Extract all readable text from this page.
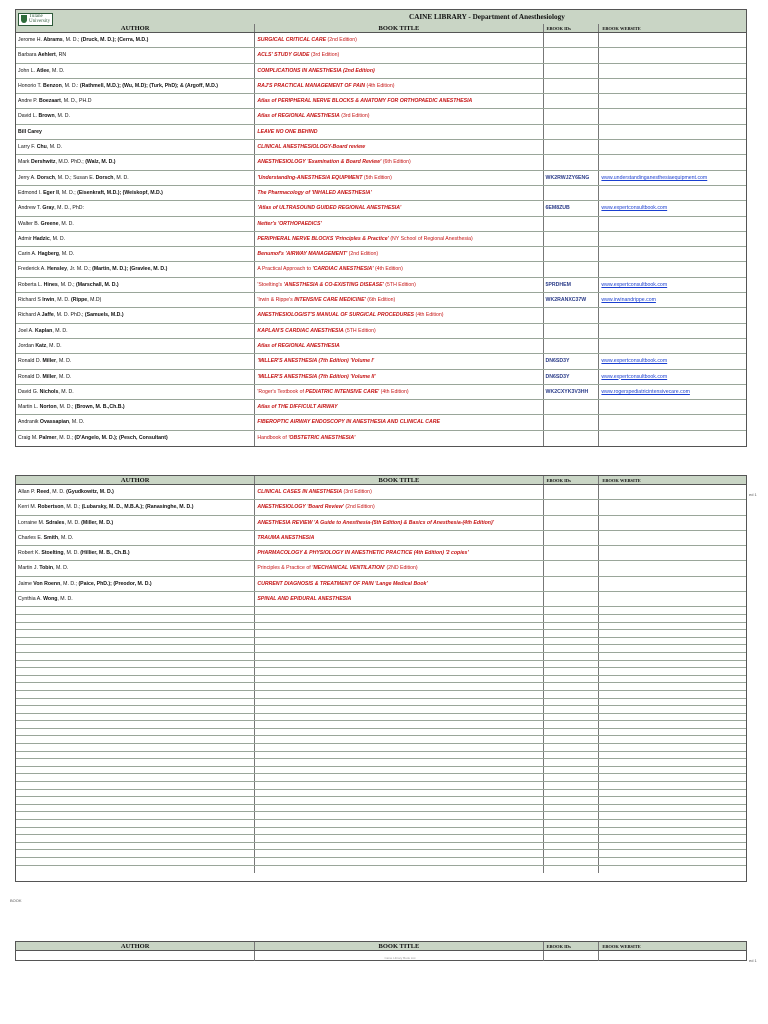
Tulane
University
CAINE LIBRARY - Department of Anesthesiology
AUTHOR	BOOK TITLE	EBOOK IDs	EBOOK WEBSITE
Jerome H. Abrams, M. D.; (Druck, M. D.); (Cerra, M.D.)	SURGICAL CRITICAL CARE (2nd Edition)
Barbara Aehlert, RN	ACLS' STUDY GUIDE (3rd Edition)
John L. Atlee, M. D.	COMPLICATIONS IN ANESTHESIA (2nd Edition)
Honorio T. Benzon, M. D.: (Rathmell, M.D.); (Wu, M.D); (Turk, PhD); & (Argoff, M.D.)	RAJ'S PRACTICAL MANAGEMENT OF PAIN (4th Edition)
Andre P. Boezaart, M. D., PH.D	Atlas of PERIPHERAL NERVE BLOCKS & ANATOMY FOR ORTHOPAEDIC ANESTHESIA
David L. Brown, M. D.	Atlas of REGIONAL ANESTHESIA (3rd Edition)
Bill Carey	LEAVE NO ONE BEHIND
Larry F. Chu, M. D.	CLINICAL ANESTHESIOLOGY-Board review
Mark Dershwitz, M.D. PhD.; (Walz, M. D.)	ANESTHESIOLOGY 'Examination & Board Review' (6th Edition)
Jerry A. Dorsch, M. D.; Susan E. Dorsch, M. D.	'Understanding-ANESTHESIA EQUIPMENT (5th Edition)	WK2RWJZY6ENG	www.understandinganesthesiaequipment.com
Edmond I. Eger II, M. D.; (Eisenkraft, M.D.); (Weiskopf, M.D.)	The Pharmacology of 'INHALED ANESTHESIA'
Andrew T. Gray, M. D., PhD:	'Atlas of ULTRASOUND GUIDED REGIONAL ANESTHESIA'	6EM8ZUB	www.expertconsultbook.com
Walter B. Greene, M. D.	Netter's 'ORTHOPAEDICS'
Admir Hadzic, M. D.	PERIPHERAL NERVE BLOCKS 'Principles & Practice' (NY School of Regional Anesthesia)
Carin A. Hagberg, M. D.	Benumof's 'AIRWAY MANAGEMENT' (2nd Edition)
Frederick A. Hensley, Jr. M. D.; (Martin, M. D.); (Gravlee, M. D.)	A Practical Approach to 'CARDIAC ANESTHESIA' (4th Edition)
Roberta L. Hines, M. D.; (Marschall, M. D.)	'Stoelting's 'ANESTHESIA & CO-EXISTING DISEASE' (5TH Edition)	5PRDHEM	www.expertconsultbook.com
Richard S Irwin, M. D. (Rippe, M.D)	'Irwin & Rippe's INTENSIVE CARE MEDICINE' (6th Edition)	WK2RANXC37W	www.irwinandrippe.com
Richard A Jaffe, M. D. PhD.; (Samuels, M.D.)	ANESTHESIOLOGIST'S MANUAL OF SURGICAL PROCEDURES (4th Edition)
Joel A. Kaplan, M. D.	KAPLAN'S CARDIAC ANESTHESIA (5TH Edition)
Jordan Katz, M. D.	Atlas of REGIONAL ANESTHESIA
Ronald D. Miller, M. D.	'MILLER'S ANESTHESIA (7th Edition) 'Volume I'	DN6SD3Y	www.expertconsultbook.com
Ronald D. Miller, M. D.	'MILLER'S ANESTHESIA (7th Edition) 'Volume II'	DN6SD3Y	www.expertconsultbook.com
David G. Nichols, M. D.	'Roger's Textbook of PEDIATRIC INTENSIVE CARE' (4th Edition)	WK2CXYK3V3HH	www.rogerspediatricintensivecare.com
Martin L. Norton, M. D.; (Brown, M. B.,Ch.B.)	Atlas of THE DIFFICULT AIRWAY
Andranik Ovassapian, M. D.	FIBEROPTIC AIRWAY ENDOSCOPY IN ANESTHESIA AND CLINICAL CARE
Craig M. Palmer, M. D.; (D'Angelo, M. D.); (Pesch, Consultant)	Handbook of 'OBSTETRIC ANESTHESIA'
ed 1
AUTHOR	BOOK TITLE	EBOOK IDs	EBOOK WEBSITE
Allan P. Reed, M. D. (Gyudkowitz, M. D.)	CLINICAL CASES IN ANESTHESIA (3rd Edition)
Kerri M. Robertson, M. D.; (Lubarsky, M. D., M.B.A.); (Ranasinghe, M. D.)	ANESTHESIOLOGY 'Board Review' (2nd Edition)
Lorraine M. Sdrales, M. D. (Miller, M. D.)	ANESTHESIA REVIEW 'A Guide to Anesthesia-(5th Edition) & Basics of Anesthesia-(4th Edition)'
Charles E. Smith, M. D.	TRAUMA ANESTHESIA
Robert K. Stoelting, M. D. (Hillier, M. B., Ch.B.)	PHARMACOLOGY & PHYSIOLOGY IN ANESTHETIC PRACTICE (4th Edition) '2 copies'
Martin J. Tobin, M. D.	Principles & Practice of 'MECHANICAL VENTILATION' (2ND Edition)
Jaime Von Roenn, M. D.; (Paice, PhD.); (Preodor, M. D.)	CURRENT DIAGNOSIS & TREATMENT OF PAIN 'Lange Medical Book'
Cynthia A. Wong, M. D.	SPINAL AND EPIDURAL ANESTHESIA
BOOK
AUTHOR	BOOK TITLE	EBOOK IDs	EBOOK WEBSITE
Caine Library Book List	ed 1
